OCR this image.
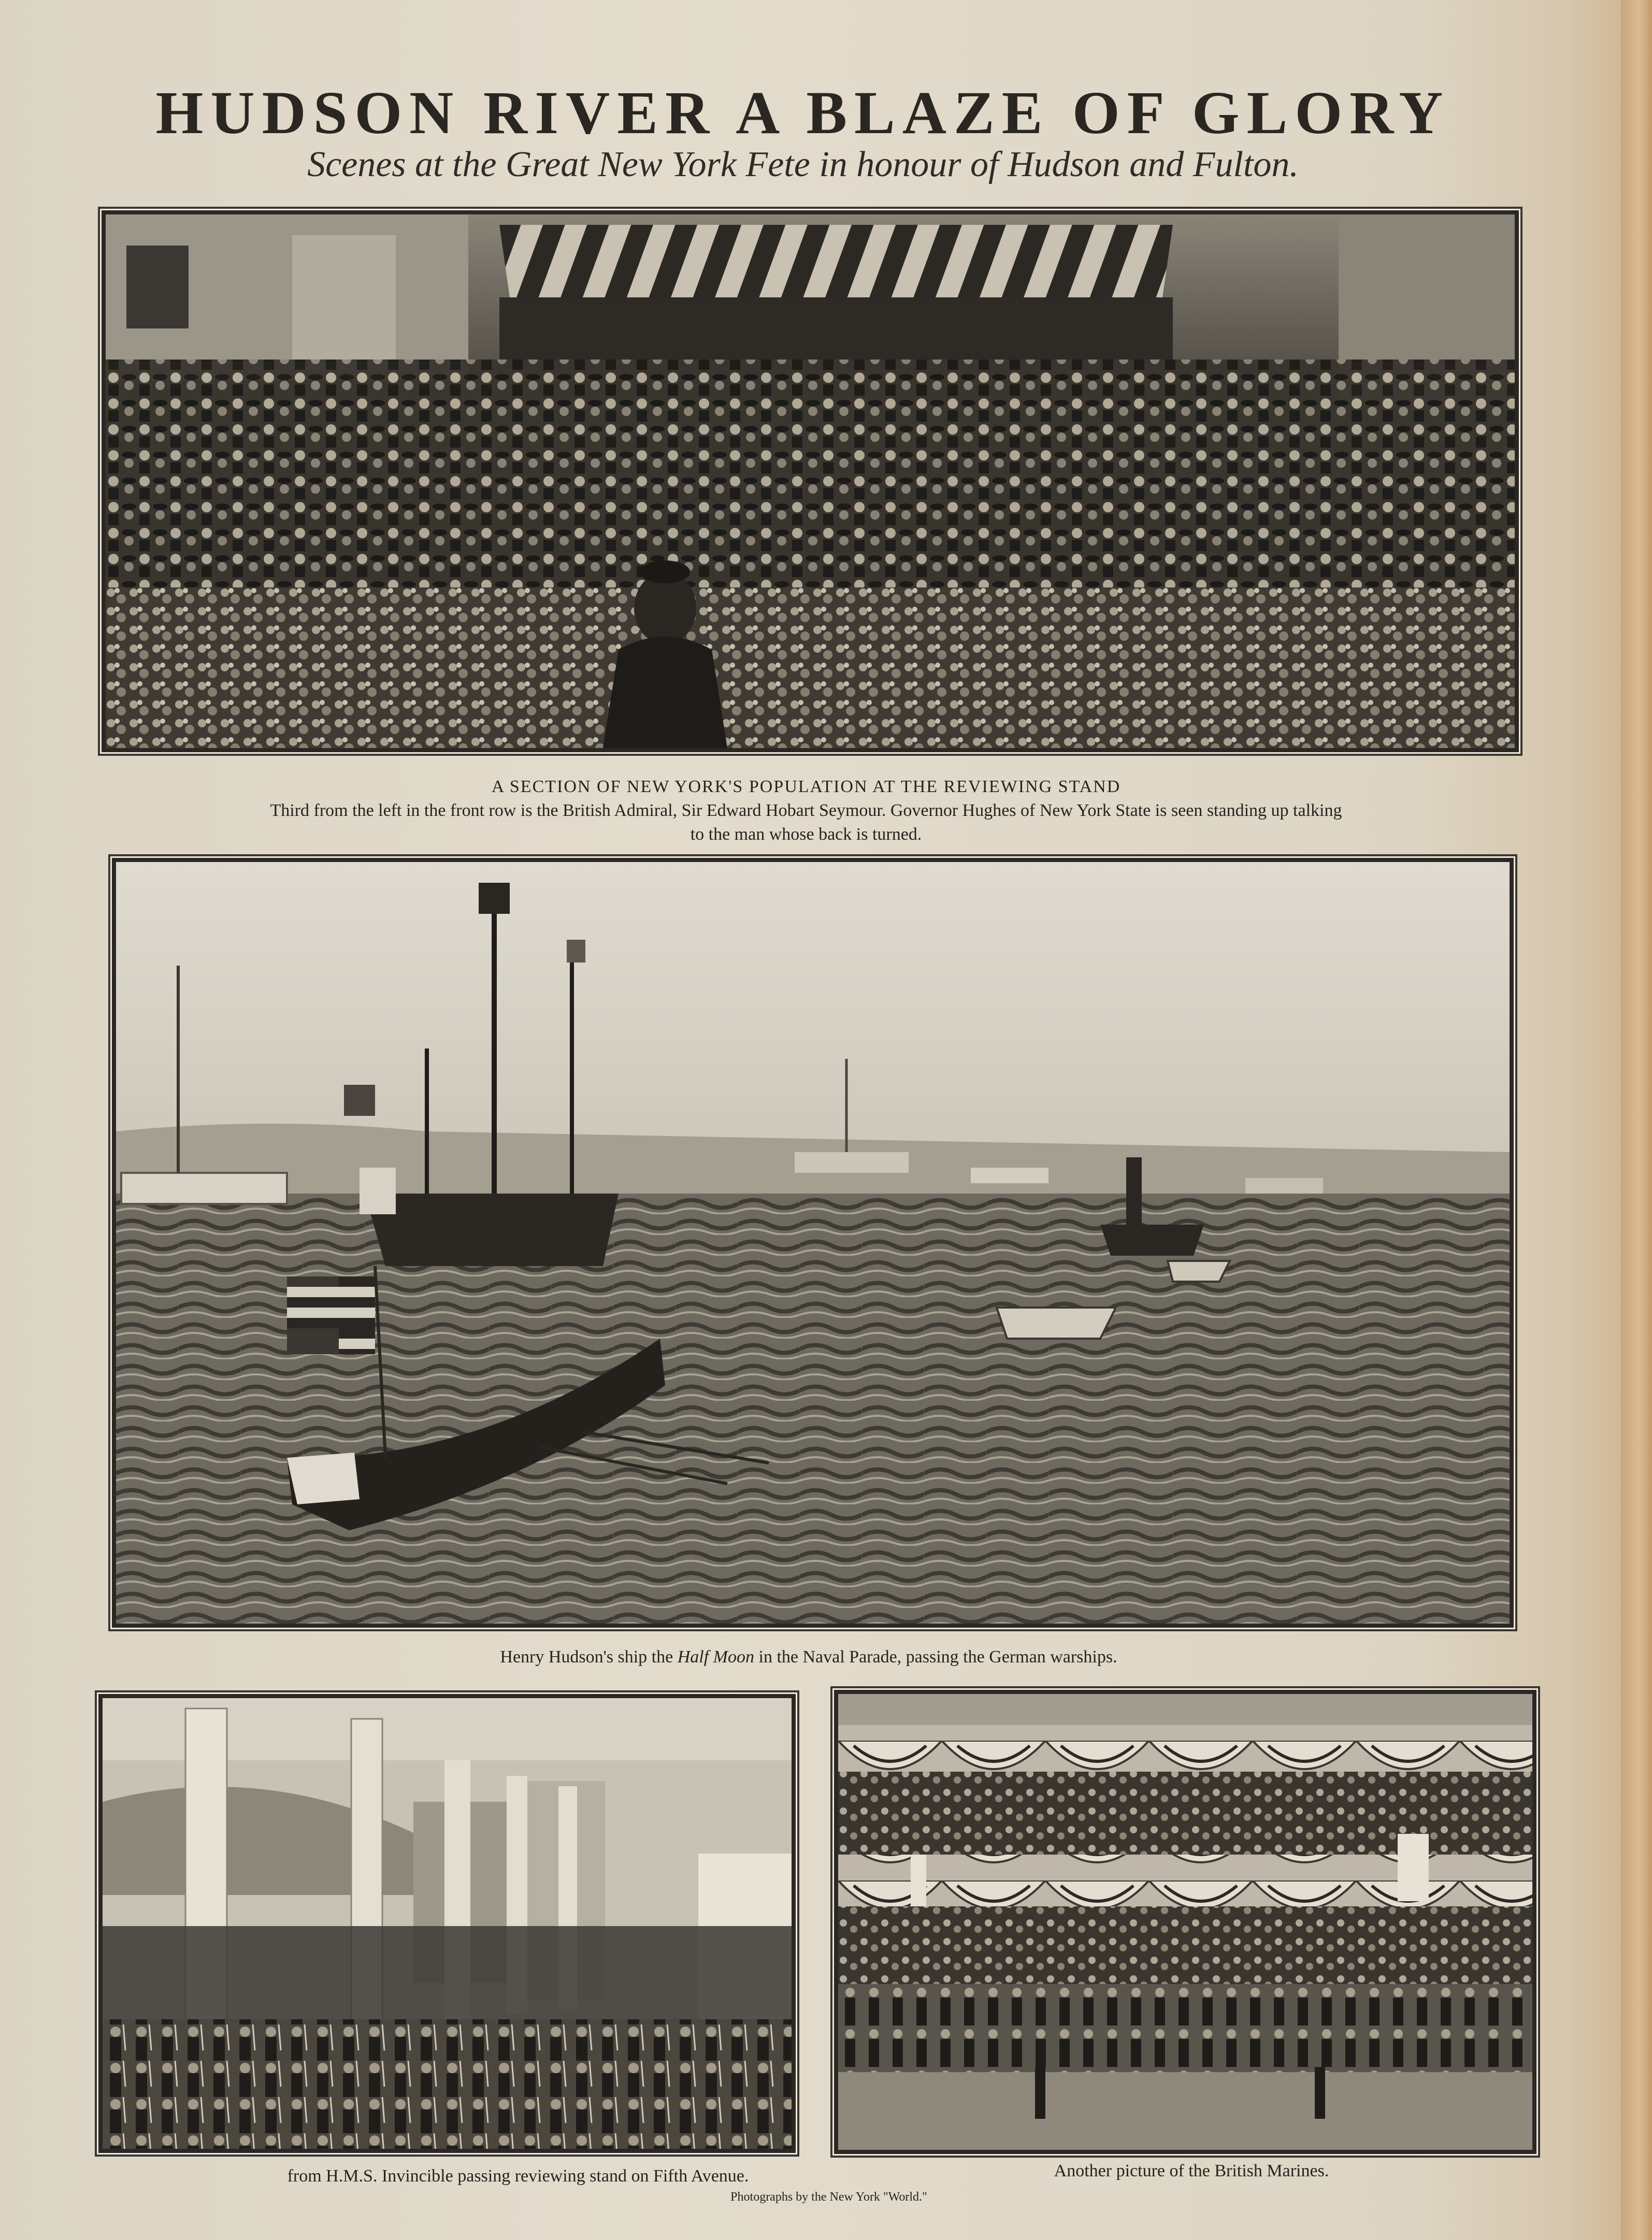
HUDSON RIVER A BLAZE OF GLORY
Scenes at the Great New York Fete in honour of Hudson and Fulton.
A SECTION OF NEW YORK'S POPULATION AT THE REVIEWING STAND
Third from the left in the front row is the British Admiral, Sir Edward Hobart Seymour. Governor Hughes of New York State is seen standing up talking
to the man whose back is turned.
Henry Hudson's ship the Half Moon in the Naval Parade, passing the German warships.
from H.M.S. Invincible passing reviewing stand on Fifth Avenue.	Another picture of the British Marines.
Photographs by the New York "World."
